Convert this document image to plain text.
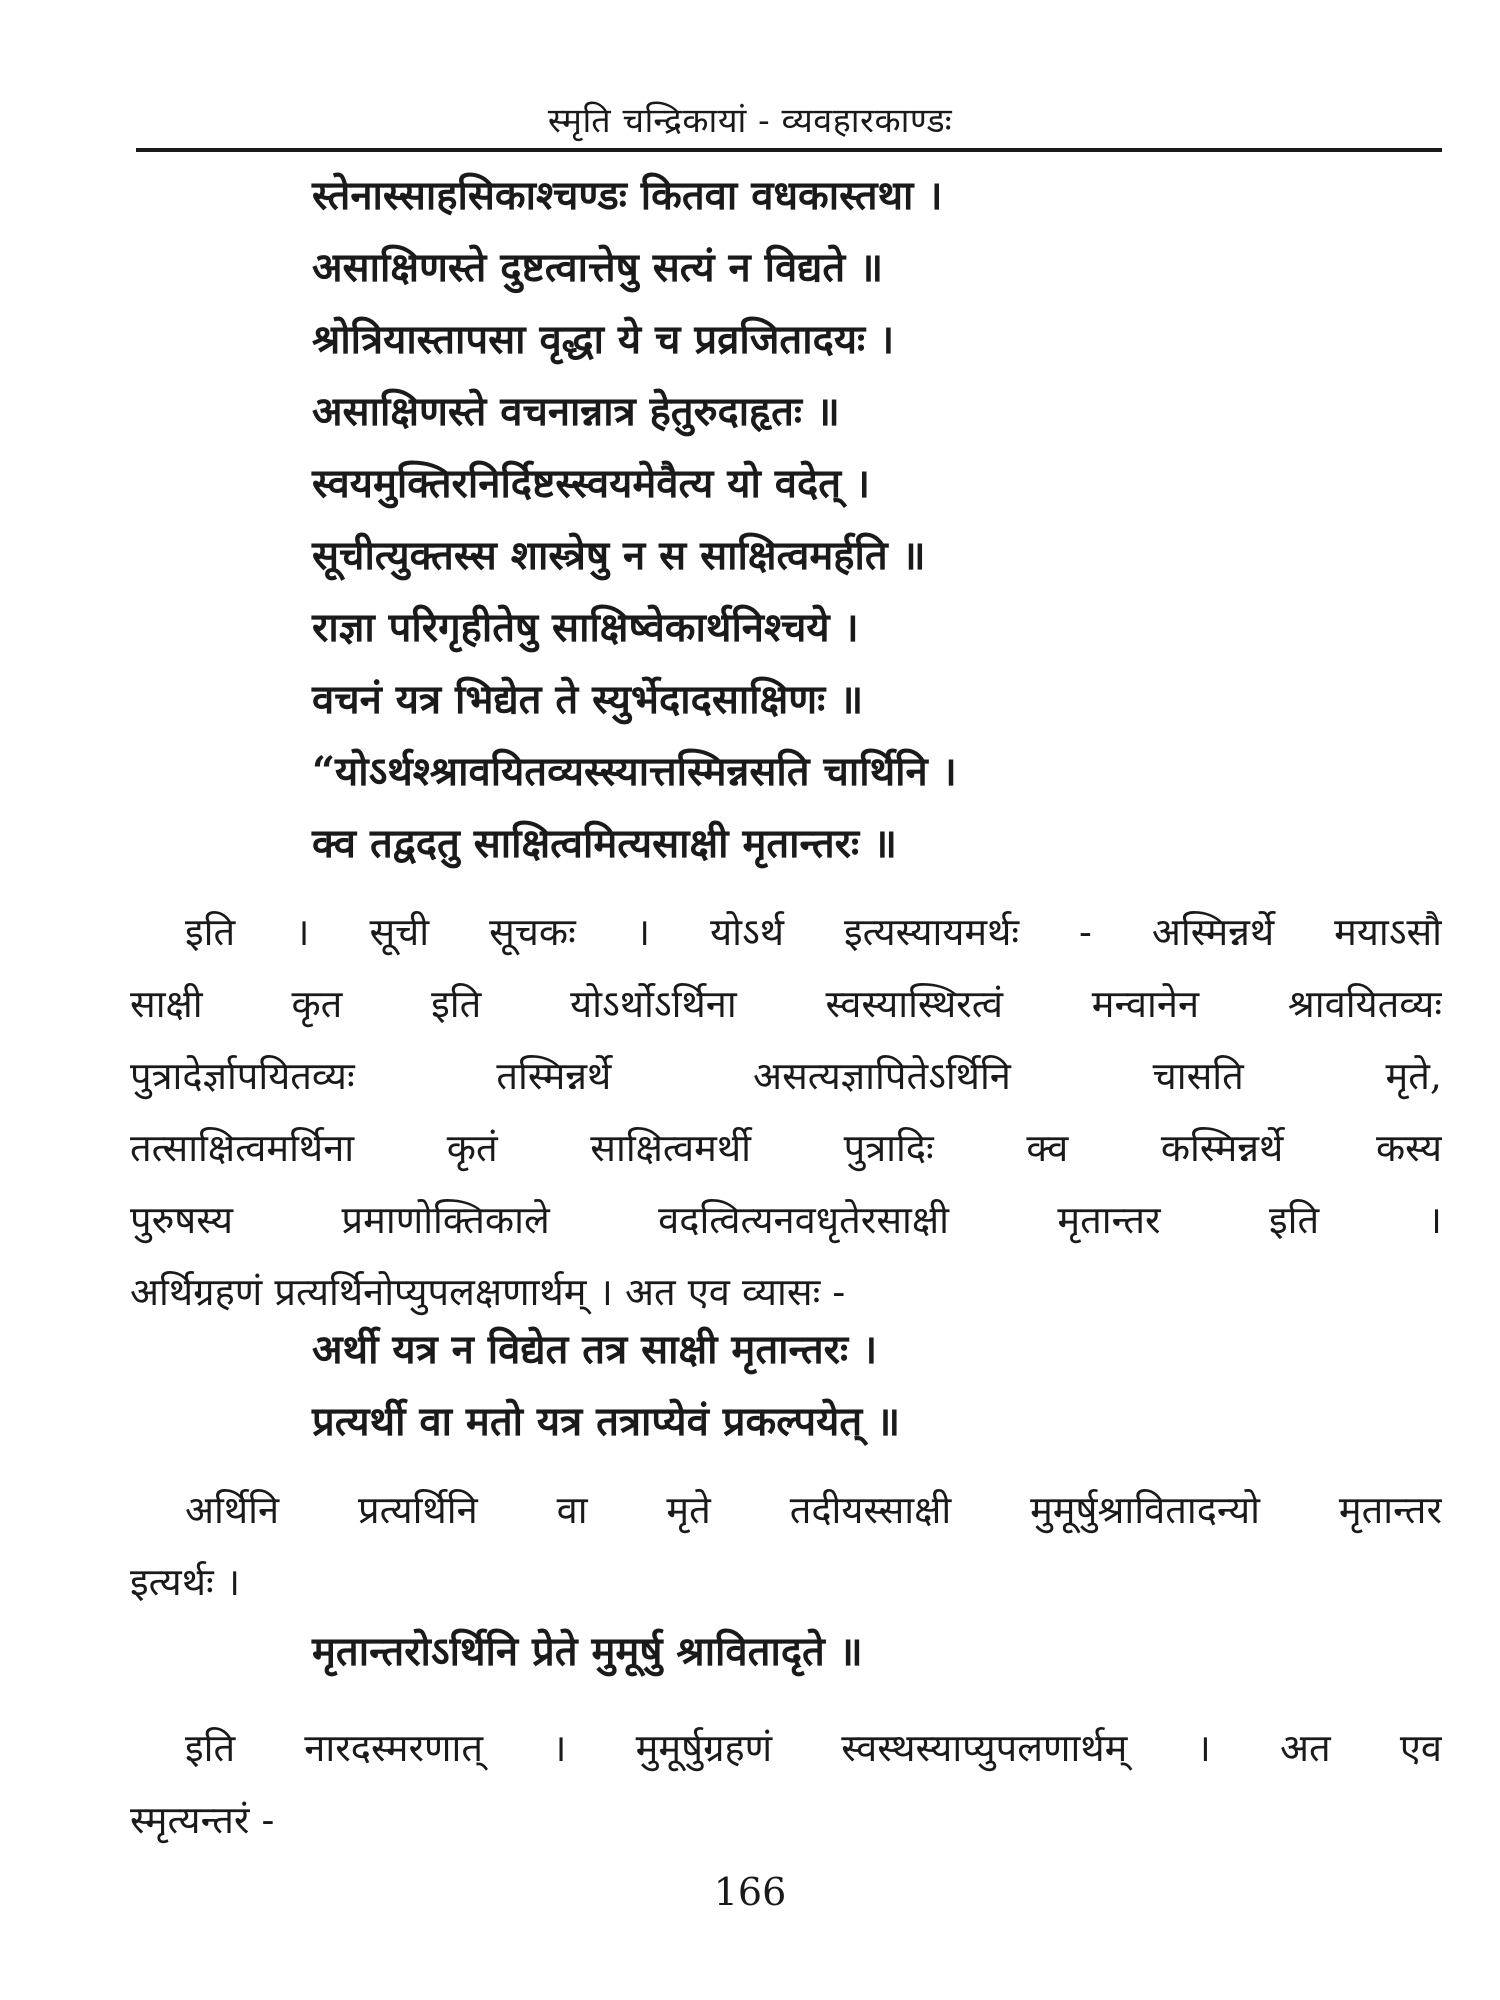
स्मृति चन्द्रिकायां - व्यवहारकाण्डः
स्तेनास्साहसिकाश्चण्डः कितवा वधकास्तथा ।
असाक्षिणस्ते दुष्टत्वात्तेषु सत्यं न विद्यते ॥
श्रोत्रियास्तापसा वृद्धा ये च प्रव्रजितादयः ।
असाक्षिणस्ते वचनान्नात्र हेतुरुदाहृतः ॥
स्वयमुक्तिरनिर्दिष्टस्स्वयमेवैत्य यो वदेत् ।
सूचीत्युक्तस्स शास्त्रेषु न स साक्षित्वमर्हति ॥
राज्ञा परिगृहीतेषु साक्षिष्वेकार्थनिश्चये ।
वचनं यत्र भिद्येत ते स्युर्भेदादसाक्षिणः ॥
“योऽर्थश्श्रावयितव्यस्स्यात्तस्मिन्नसति चार्थिनि ।
क्व तद्वदतु साक्षित्वमित्यसाक्षी मृतान्तरः ॥
इति । सूची सूचकः । योऽर्थ इत्यस्यायमर्थः - अस्मिन्नर्थे मयाऽसौ
साक्षी कृत इति योऽर्थोऽर्थिना स्वस्यास्थिरत्वं मन्वानेन श्रावयितव्यः
पुत्रादेर्ज्ञापयितव्यः तस्मिन्नर्थे असत्यज्ञापितेऽर्थिनि चासति मृते,
तत्साक्षित्वमर्थिना कृतं साक्षित्वमर्थी पुत्रादिः क्व कस्मिन्नर्थे कस्य
पुरुषस्य प्रमाणोक्तिकाले वदत्वित्यनवधृतेरसाक्षी मृतान्तर इति ।
अर्थिग्रहणं प्रत्यर्थिनोप्युपलक्षणार्थम् । अत एव व्यासः -
अर्थी यत्र न विद्येत तत्र साक्षी मृतान्तरः ।
प्रत्यर्थी वा मतो यत्र तत्राप्येवं प्रकल्पयेत् ॥
अर्थिनि प्रत्यर्थिनि वा मृते तदीयस्साक्षी मुमूर्षुश्रावितादन्यो मृतान्तर
इत्यर्थः ।
मृतान्तरोऽर्थिनि प्रेते मुमूर्षु श्रावितादृते ॥
इति नारदस्मरणात् । मुमूर्षुग्रहणं स्वस्थस्याप्युपलणार्थम् । अत एव
स्मृत्यन्तरं -
166
